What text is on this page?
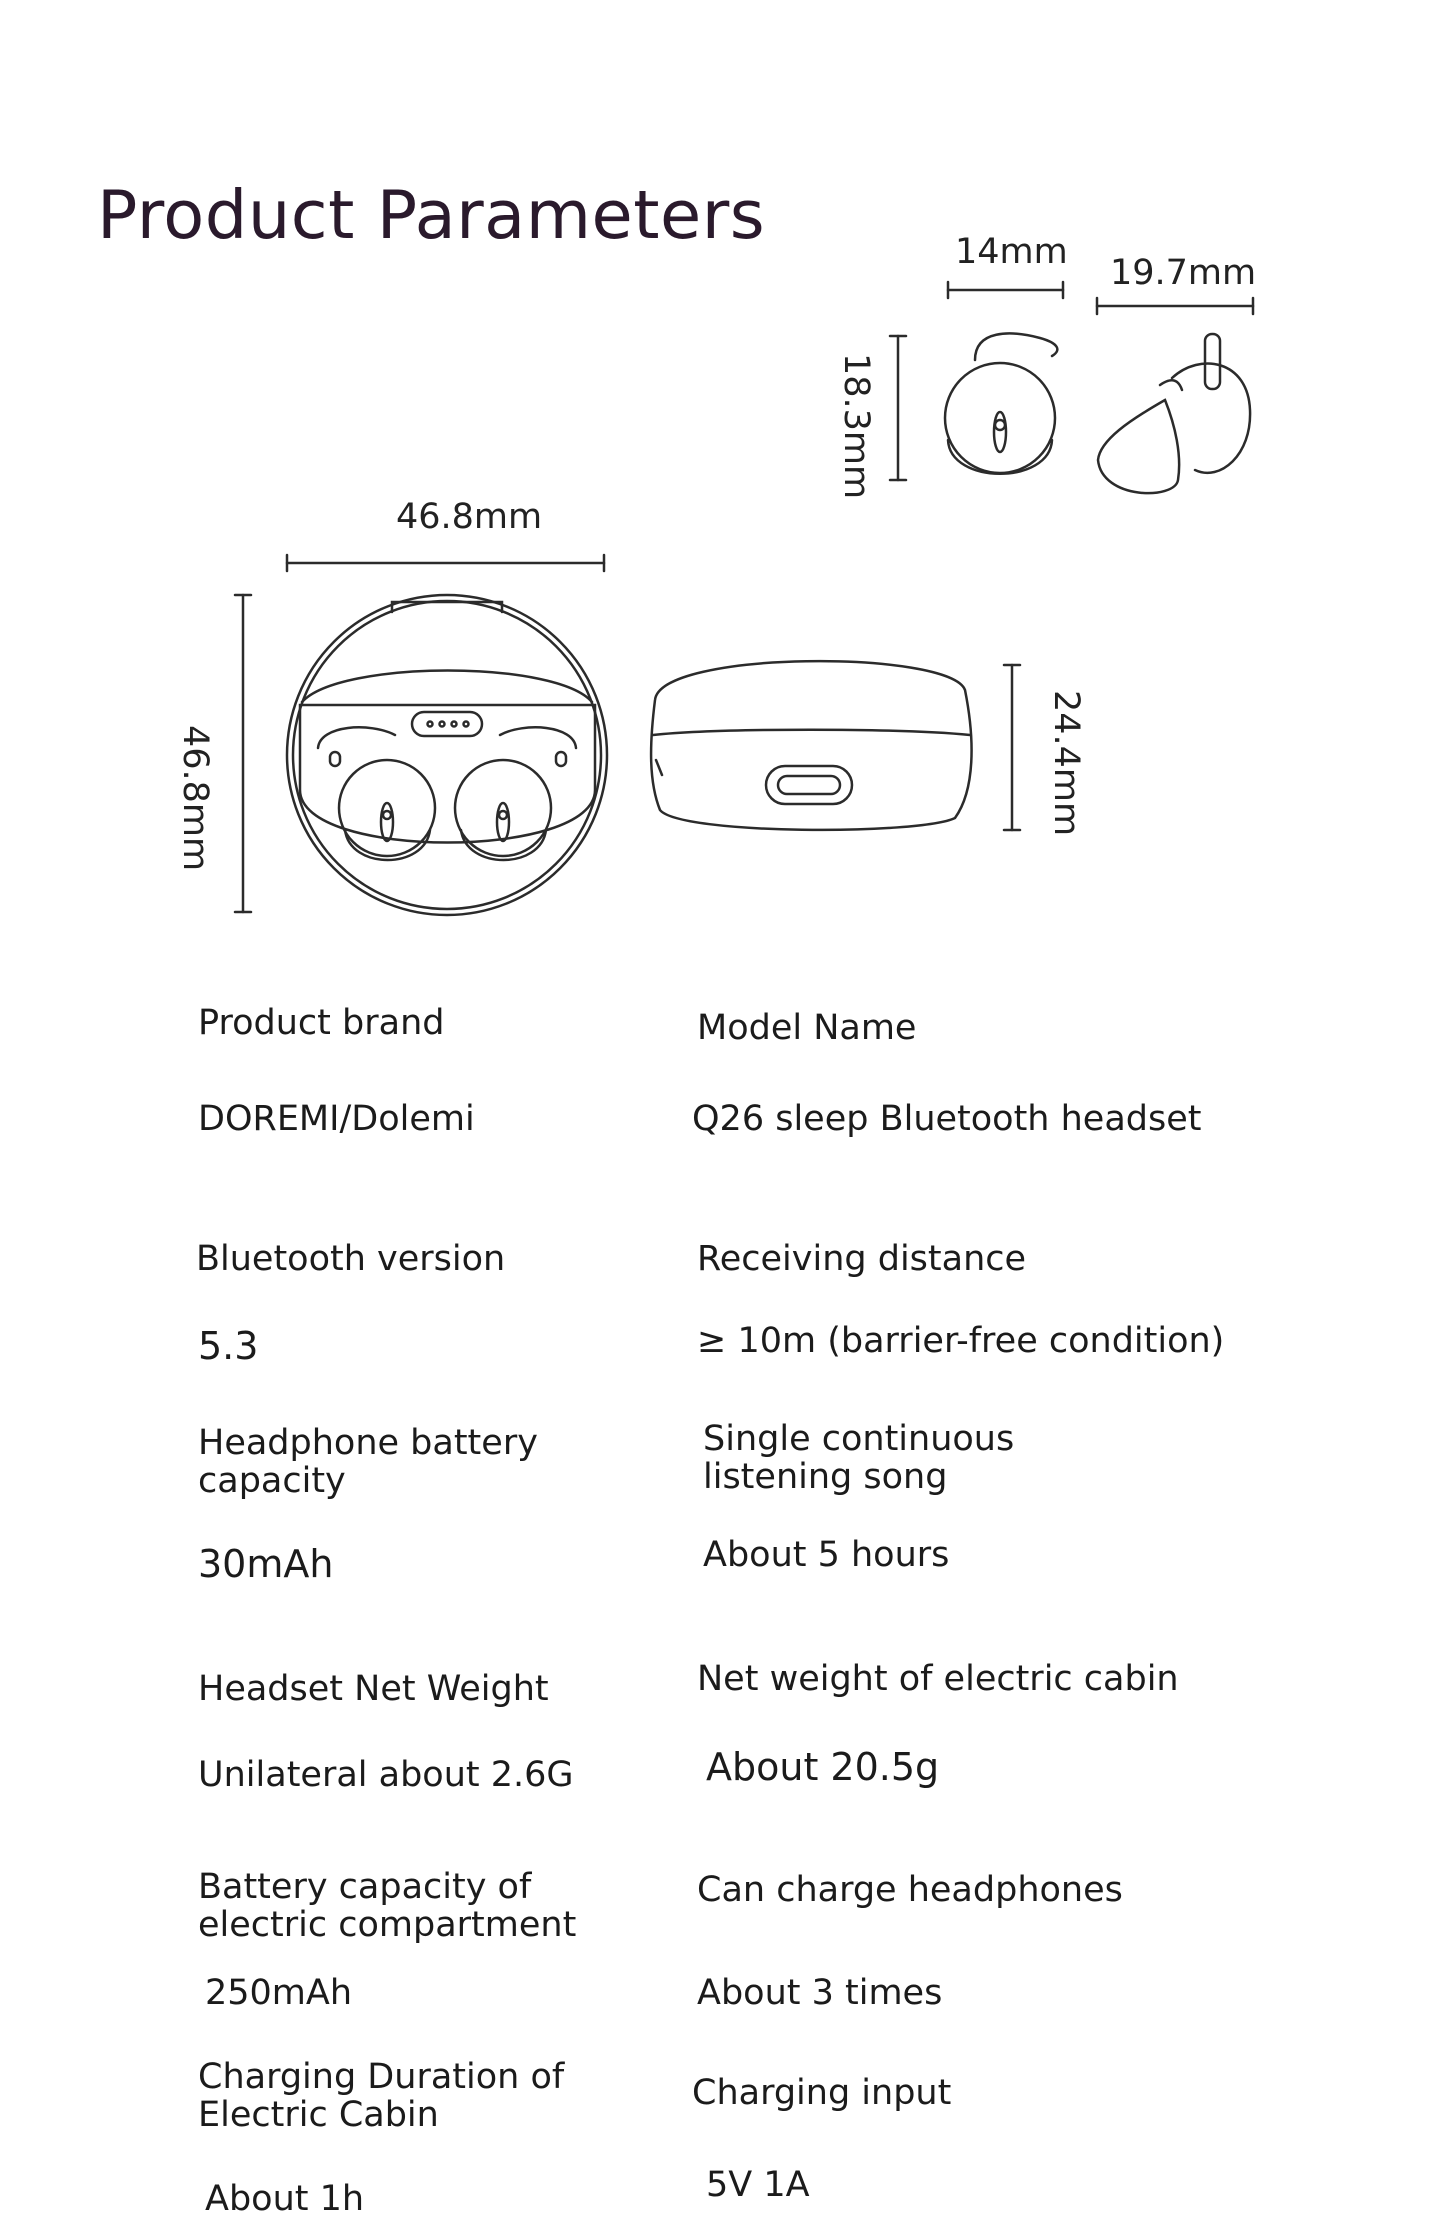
Product Parameters	14mm
19.7mm
18.3mm
46.8mm
46.8mm	24.4mm
Product brand
DOREMI/Dolemi
Model Name
Q26 sleep Bluetooth headset
Bluetooth version
5.3
Receiving distance
≥ 10m (barrier-free condition)
Headphone battery
capacity
30mAh
Single continuous
listening song
About 5 hours
Headset Net Weight
Unilateral about 2.6G
Net weight of electric cabin
About 20.5g
Battery capacity of
electric compartment
250mAh
Can charge headphones
About 3 times
Charging Duration of
Electric Cabin
About 1h
Charging input
5V 1A
